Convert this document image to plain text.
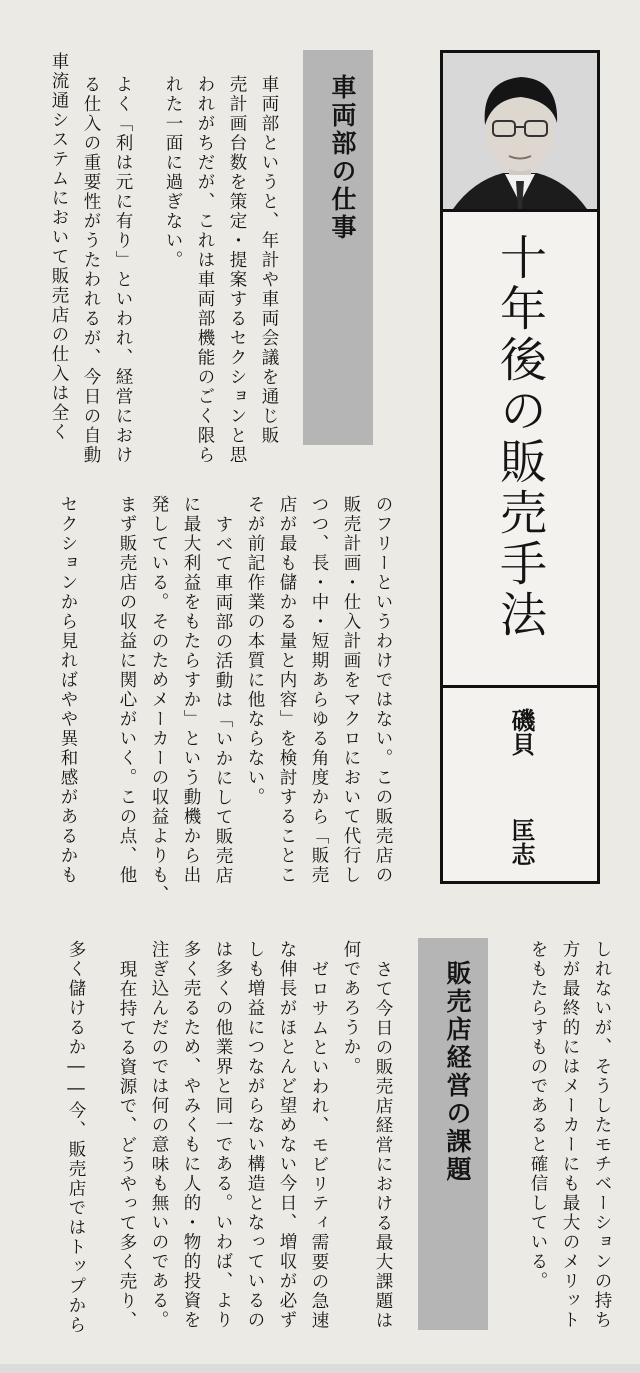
十年後の販売手法
磯貝
匡志
車両部の仕事
車両部というと、年計や車両会議を通じ販
売計画台数を策定・提案するセクションと思
われがちだが、これは車両部機能のごく限ら
れた一面に過ぎない。
よく「利は元に有り」といわれ、経営におけ
る仕入の重要性がうたわれるが、今日の自動
車流通システムにおいて販売店の仕入は全く
のフリーというわけではない。この販売店の
販売計画・仕入計画をマクロにおいて代行し
つつ、長・中・短期あらゆる角度から「販売
店が最も儲かる量と内容」を検討することこ
そが前記作業の本質に他ならない。
すべて車両部の活動は「いかにして販売店
に最大利益をもたらすか」という動機から出
発している。そのためメーカーの収益よりも、
まず販売店の収益に関心がいく。この点、他
セクションから見ればやや異和感があるかも
しれないが、そうしたモチベーションの持ち
方が最終的にはメーカーにも最大のメリット
をもたらすものであると確信している。
販売店経営の課題
さて今日の販売店経営における最大課題は
何であろうか。
ゼロサムといわれ、モビリティ需要の急速
な伸長がほとんど望めない今日、増収が必ず
しも増益につながらない構造となっているの
は多くの他業界と同一である。いわば、より
多く売るため、やみくもに人的・物的投資を
注ぎ込んだのでは何の意味も無いのである。
現在持てる資源で、どうやって多く売り、
多く儲けるか――今、販売店ではトップから
